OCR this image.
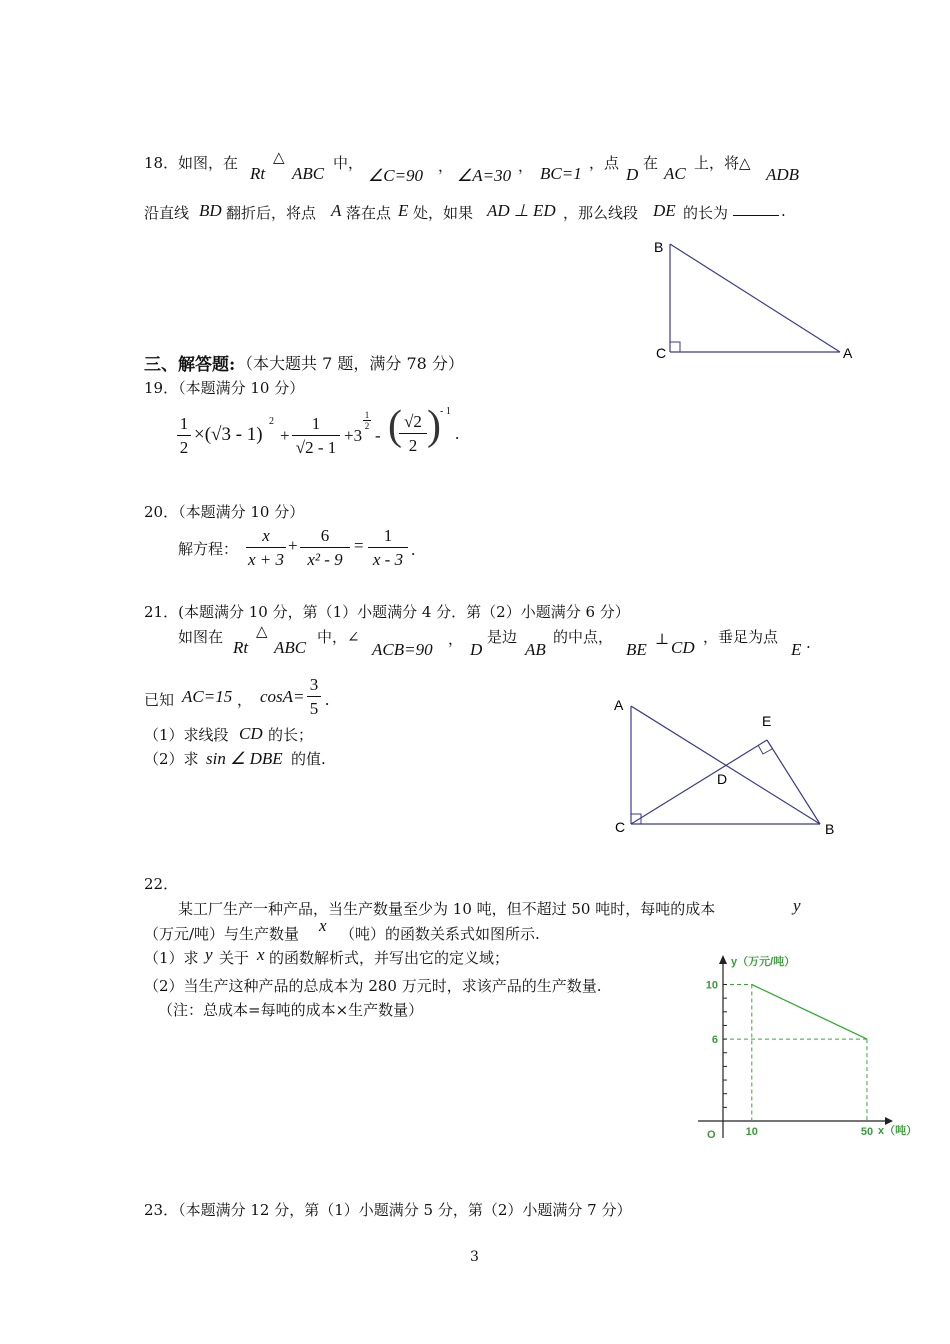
18． 如图，在
Rt
△
ABC
中，
∠C=90 ， ∠A=30 ， BC=1
，点
D
在
AC
上，将△
ADB
沿直线 BD 翻折后，将点 A 落在点 E 处，如果 AD ⊥ ED ，那么线段 DE 的长为	.
B
C	A
三、解答题: （本大题共 7 题，满分 78 分）
19．（本题满分 10 分）
1
2
×(√3 - 1)
2
+
1
√2 - 1
+3
1
2 - ( √2
2 ) - 1
.
20．（本题满分 10 分）
解方程：
x
x + 3
+
6
x² - 9
=
1
x - 3
.
21．(本题满分 10 分，第（1）小题满分 4 分．第（2）小题满分 6 分）
如图在
Rt
△
ABC
中，∠
ACB=90
，
D
是边
AB
的中点，
BE
⊥ CD
，垂足为点
E .
已知 AC=15 ， cosA=
3
5 .
（1）求线段 CD 的长；
（2）求 sin ∠ DBE 的值.
A
E
D
C	B
22．
某工厂生产一种产品，当生产数量至少为 10 吨，但不超过 50 吨时，每吨的成本	y
（万元/吨）与生产数量 x （吨）的函数关系式如图所示.
（1）求 y 关于 x 的函数解析式，并写出它的定义域；
（2）当生产这种产品的总成本为 280 万元时，求该产品的生产数量.
（注：总成本=每吨的成本×生产数量）
y（万元/吨）
x（吨）
O
10
6
10	50
23．（本题满分 12 分，第（1）小题满分 5 分，第（2）小题满分 7 分）
3
